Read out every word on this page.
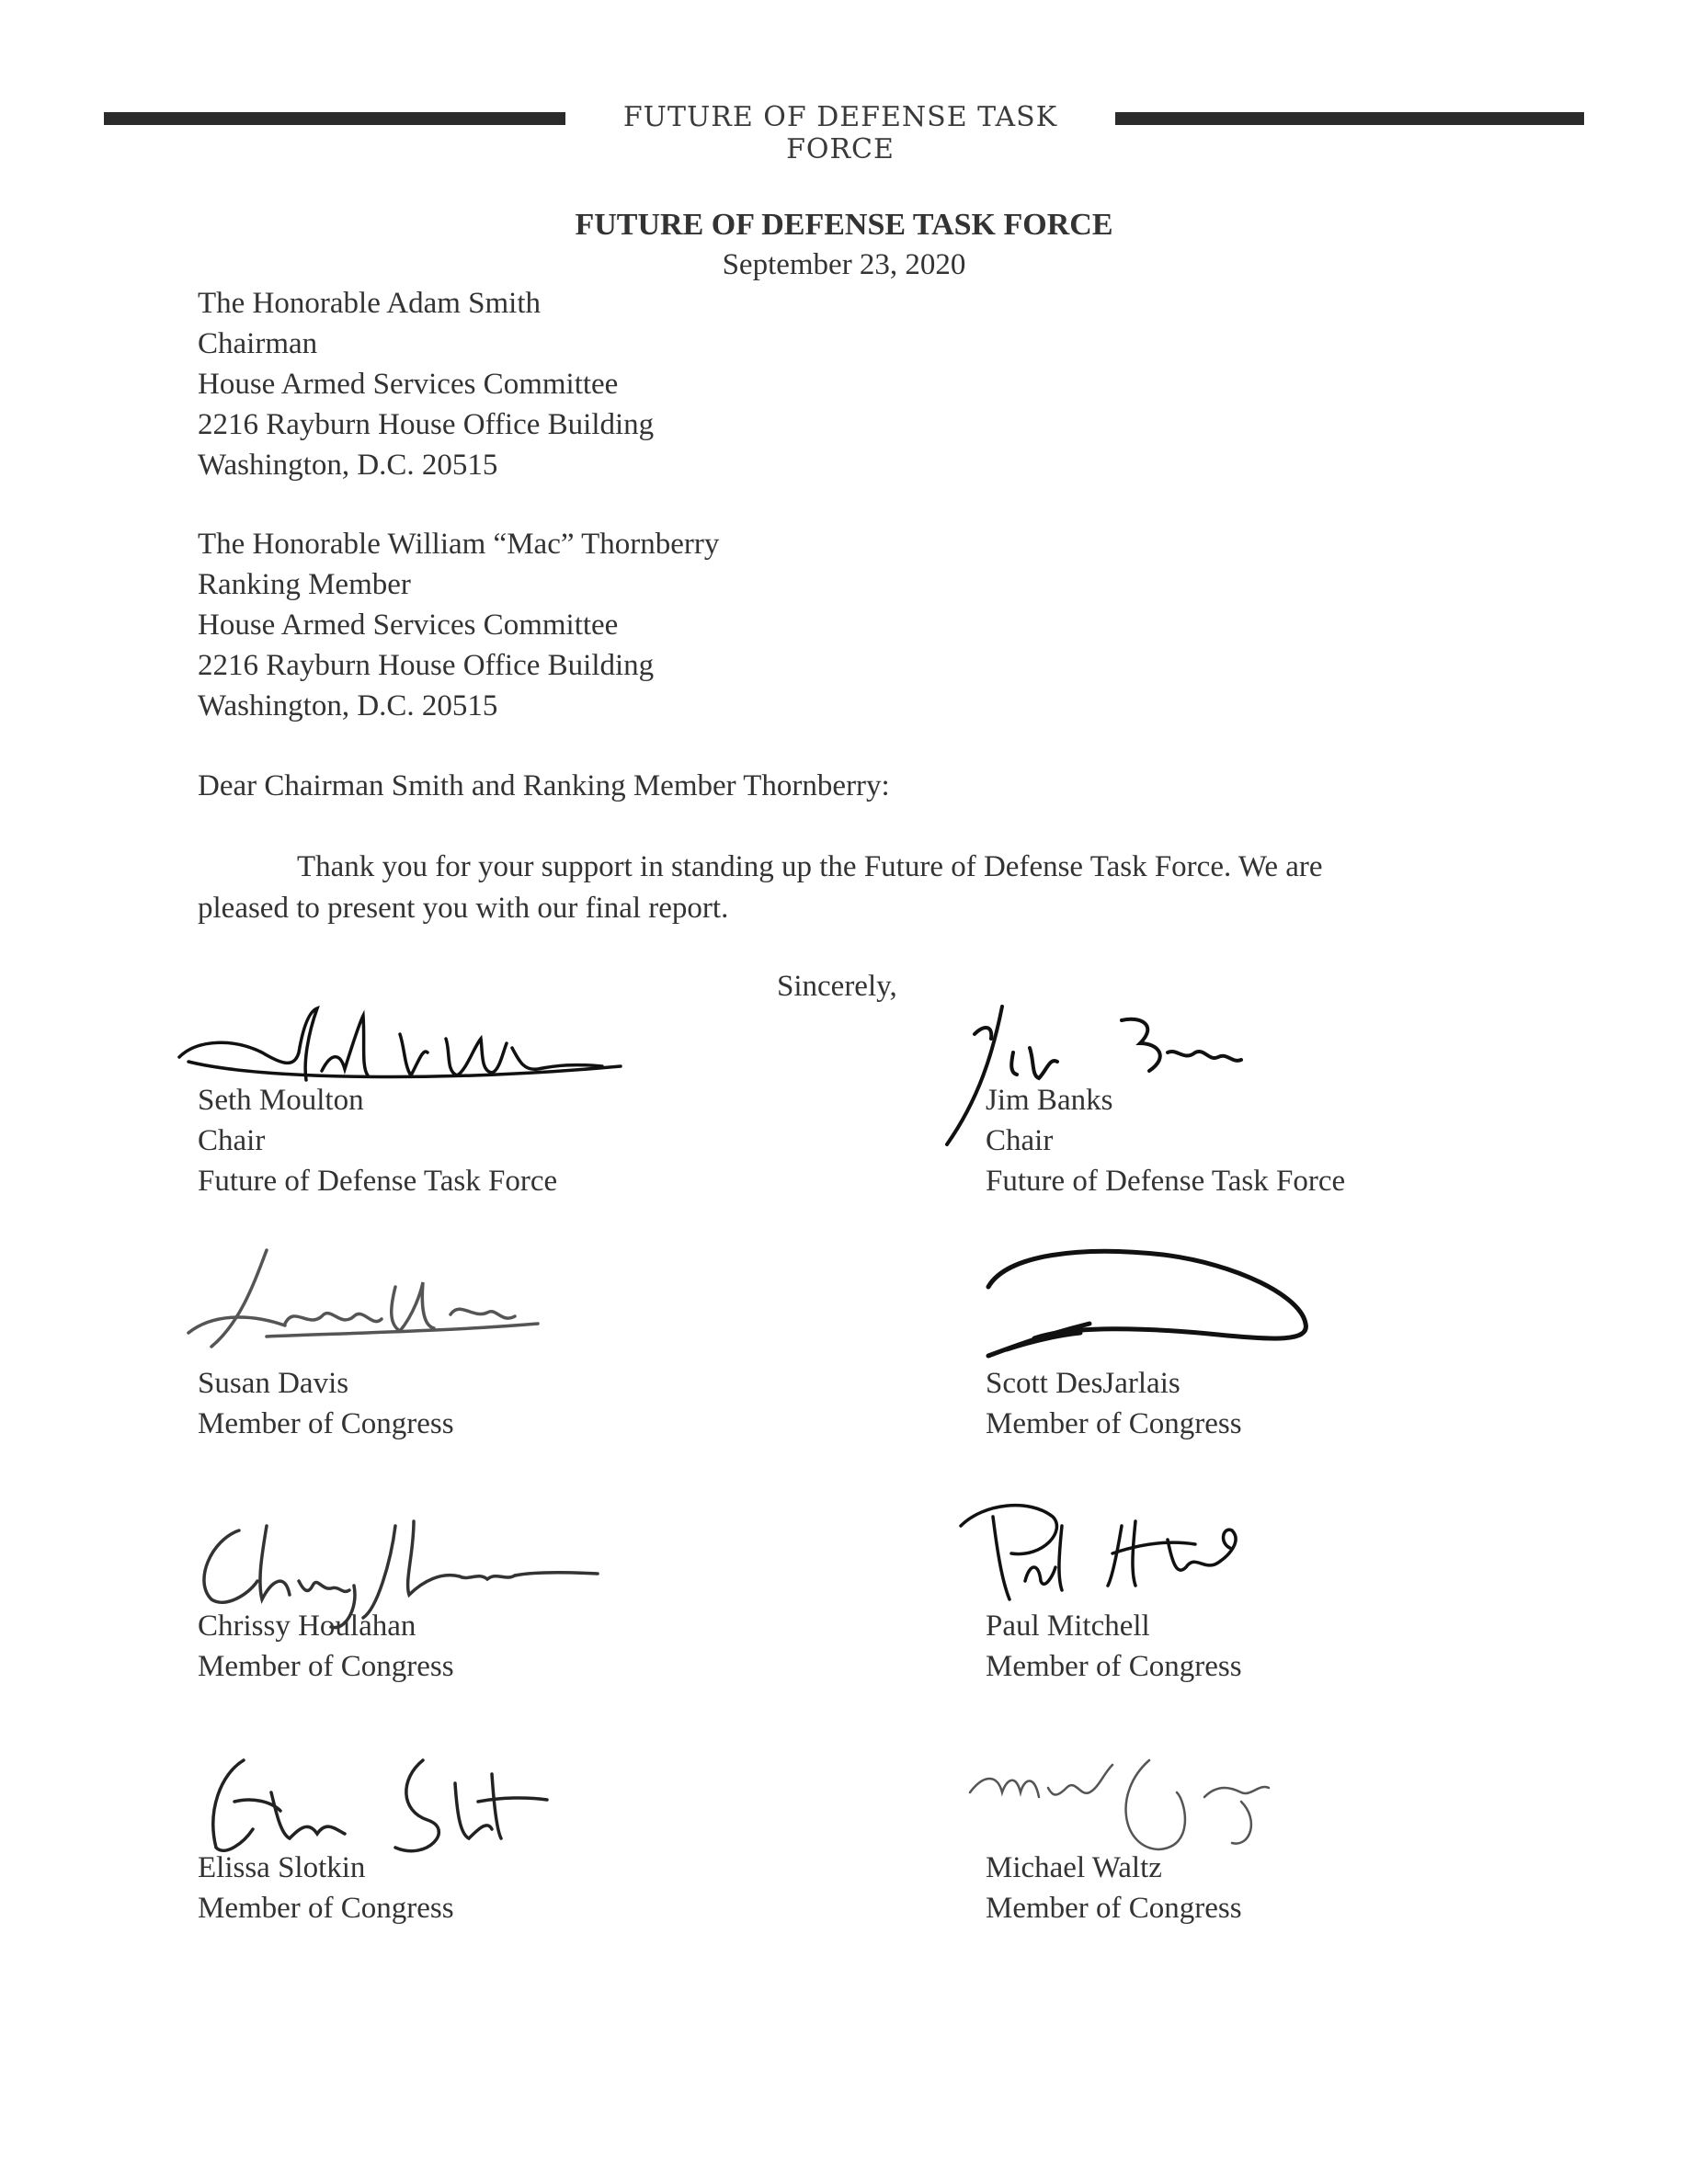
FUTURE OF DEFENSE TASK FORCE
FUTURE OF DEFENSE TASK FORCE
September 23, 2020
The Honorable Adam Smith
Chairman
House Armed Services Committee
2216 Rayburn House Office Building
Washington, D.C. 20515
The Honorable William “Mac” Thornberry
Ranking Member
House Armed Services Committee
2216 Rayburn House Office Building
Washington, D.C. 20515
Dear Chairman Smith and Ranking Member Thornberry:
Thank you for your support in standing up the Future of Defense Task Force. We are
pleased to present you with our final report.
Sincerely,
Seth Moulton
Chair
Future of Defense Task Force
Jim Banks
Chair
Future of Defense Task Force
Susan Davis
Member of Congress
Scott DesJarlais
Member of Congress
Chrissy Houlahan
Member of Congress
Paul Mitchell
Member of Congress
Elissa Slotkin
Member of Congress
Michael Waltz
Member of Congress
